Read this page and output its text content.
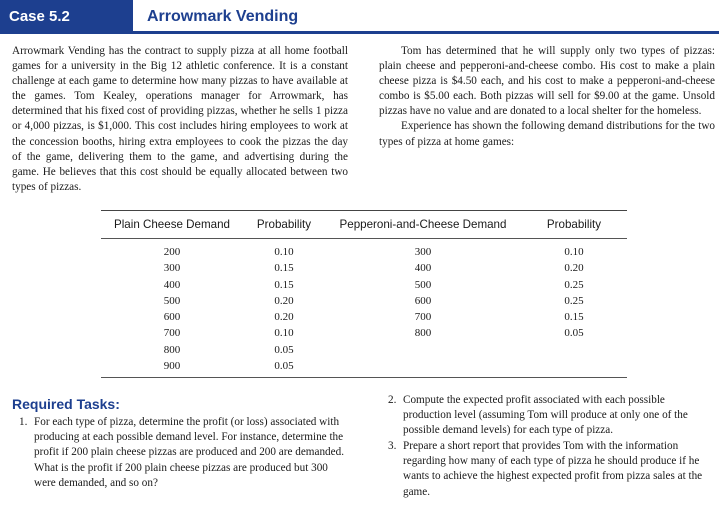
Case 5.2	Arrowmark Vending

Arrowmark Vending has the contract to supply pizza at all home football games for a university in the Big 12 athletic conference. It is a constant challenge at each game to determine how many pizzas to have available at the games. Tom Kealey, operations manager for Arrowmark, has determined that his fixed cost of providing pizzas, whether he sells 1 pizza or 4,000 pizzas, is $1,000. This cost includes hiring employees to work at the concession booths, hiring extra employees to cook the pizzas the day of the game, delivering them to the game, and advertising during the game. He believes that this cost should be equally allocated between two types of pizzas.

Tom has determined that he will supply only two types of pizzas: plain cheese and pepperoni-and-cheese combo. His cost to make a plain cheese pizza is $4.50 each, and his cost to make a pepperoni-and-cheese combo is $5.00 each. Both pizzas will sell for $9.00 at the game. Unsold pizzas have no value and are donated to a local shelter for the homeless.

Experience has shown the following demand distributions for the two types of pizza at home games:

Plain Cheese Demand	Probability	Pepperoni-and-Cheese Demand	Probability
200	0.10	300	0.10
300	0.15	400	0.20
400	0.15	500	0.25
500	0.20	600	0.25
600	0.20	700	0.15
700	0.10	800	0.05
800	0.05		
900	0.05		
Required Tasks:
1. For each type of pizza, determine the profit (or loss) associated with producing at each possible demand level. For instance, determine the profit if 200 plain cheese pizzas are produced and 200 are demanded. What is the profit if 200 plain cheese pizzas are produced but 300 were demanded, and so on?
2. Compute the expected profit associated with each possible production level (assuming Tom will produce at only one of the possible demand levels) for each type of pizza.
3. Prepare a short report that provides Tom with the information regarding how many of each type of pizza he should produce if he wants to achieve the highest expected profit from pizza sales at the game.
